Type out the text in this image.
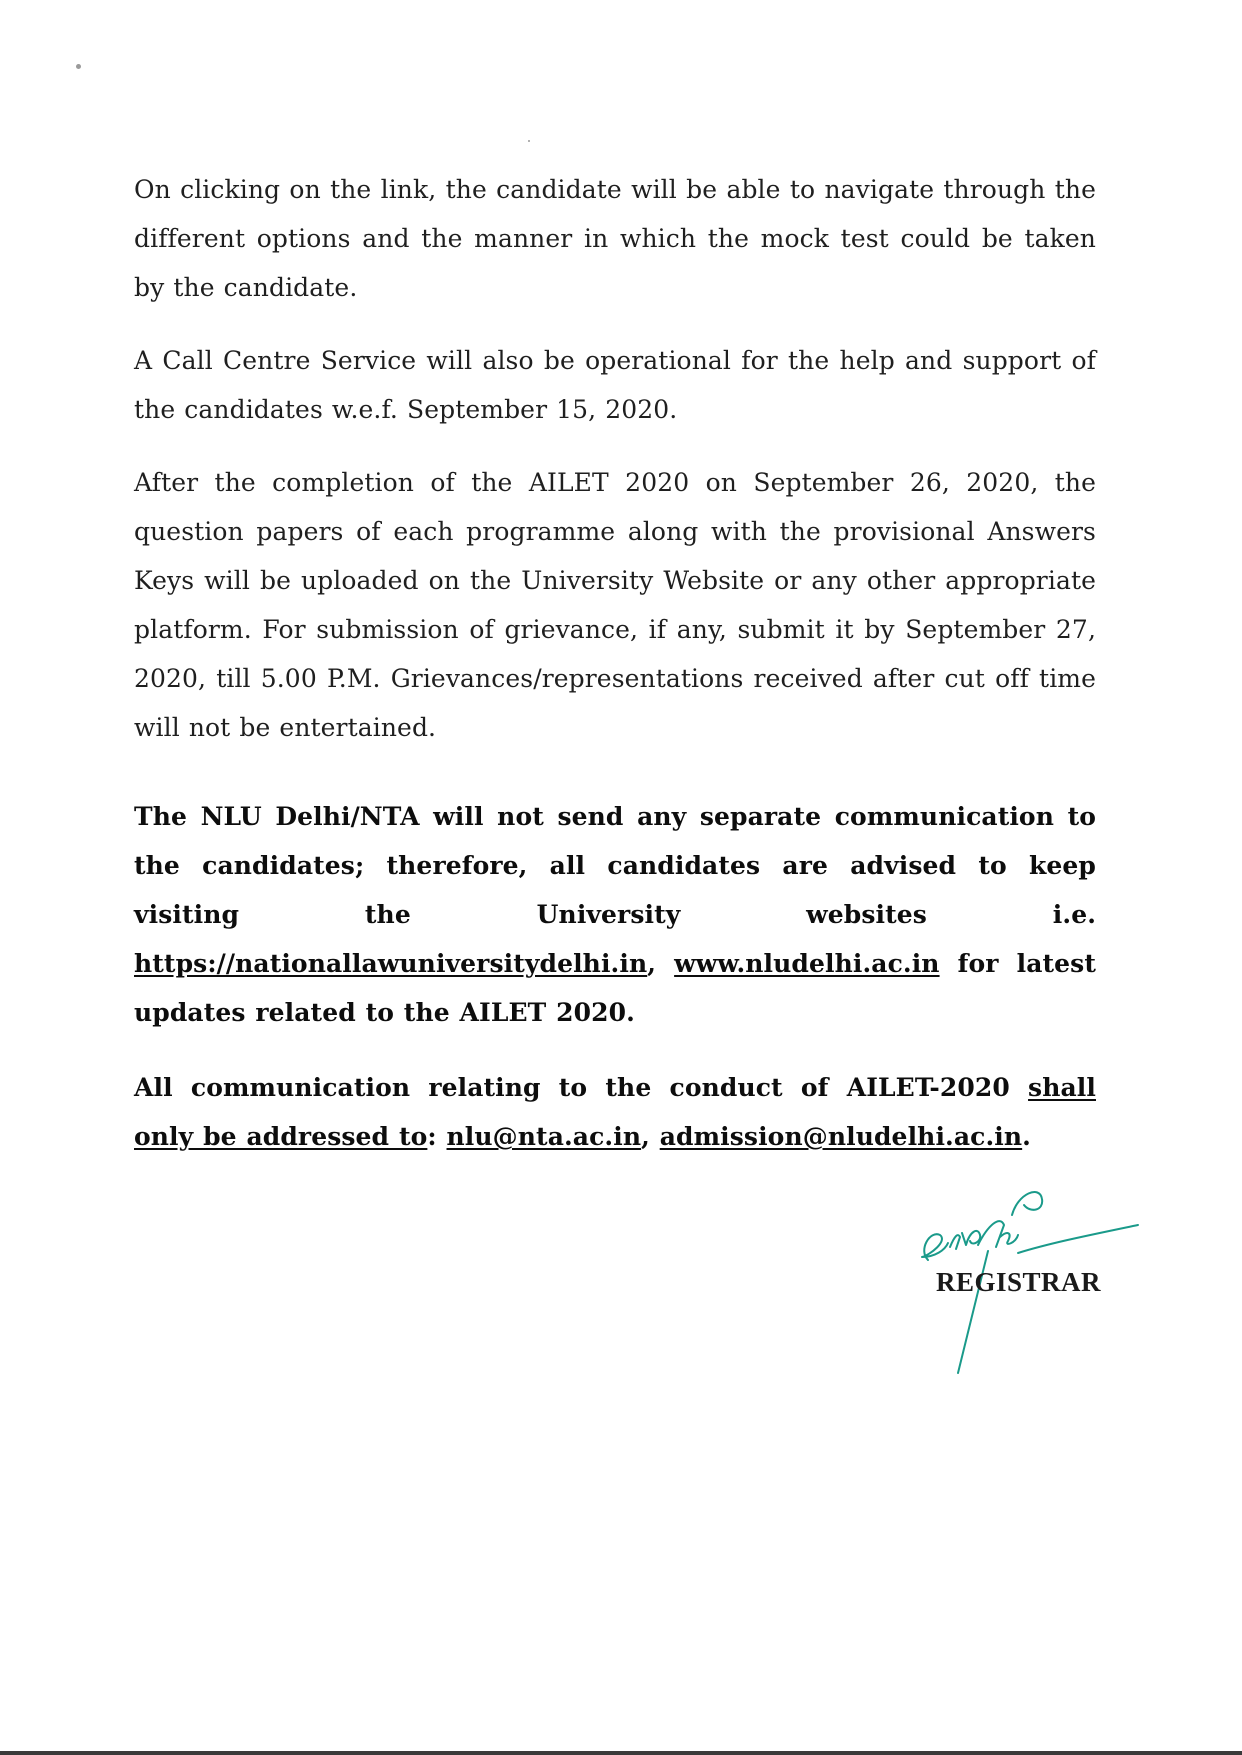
On clicking on the link, the candidate will be able to navigate through the different options and the manner in which the mock test could be taken by the candidate.

A Call Centre Service will also be operational for the help and support of the candidates w.e.f. September 15, 2020.

After the completion of the AILET 2020 on September 26, 2020, the question papers of each programme along with the provisional Answers Keys will be uploaded on the University Website or any other appropriate platform. For submission of grievance, if any, submit it by September 27, 2020, till 5.00 P.M. Grievances/representations received after cut off time will not be entertained.

The NLU Delhi/NTA will not send any separate communication to the candidates; therefore, all candidates are advised to keep visiting the University websites i.e. https://nationallawuniversitydelhi.in, www.nludelhi.ac.in for latest updates related to the AILET 2020.

All communication relating to the conduct of AILET-2020 shall only be addressed to: nlu@nta.ac.in, admission@nludelhi.ac.in.

REGISTRAR
